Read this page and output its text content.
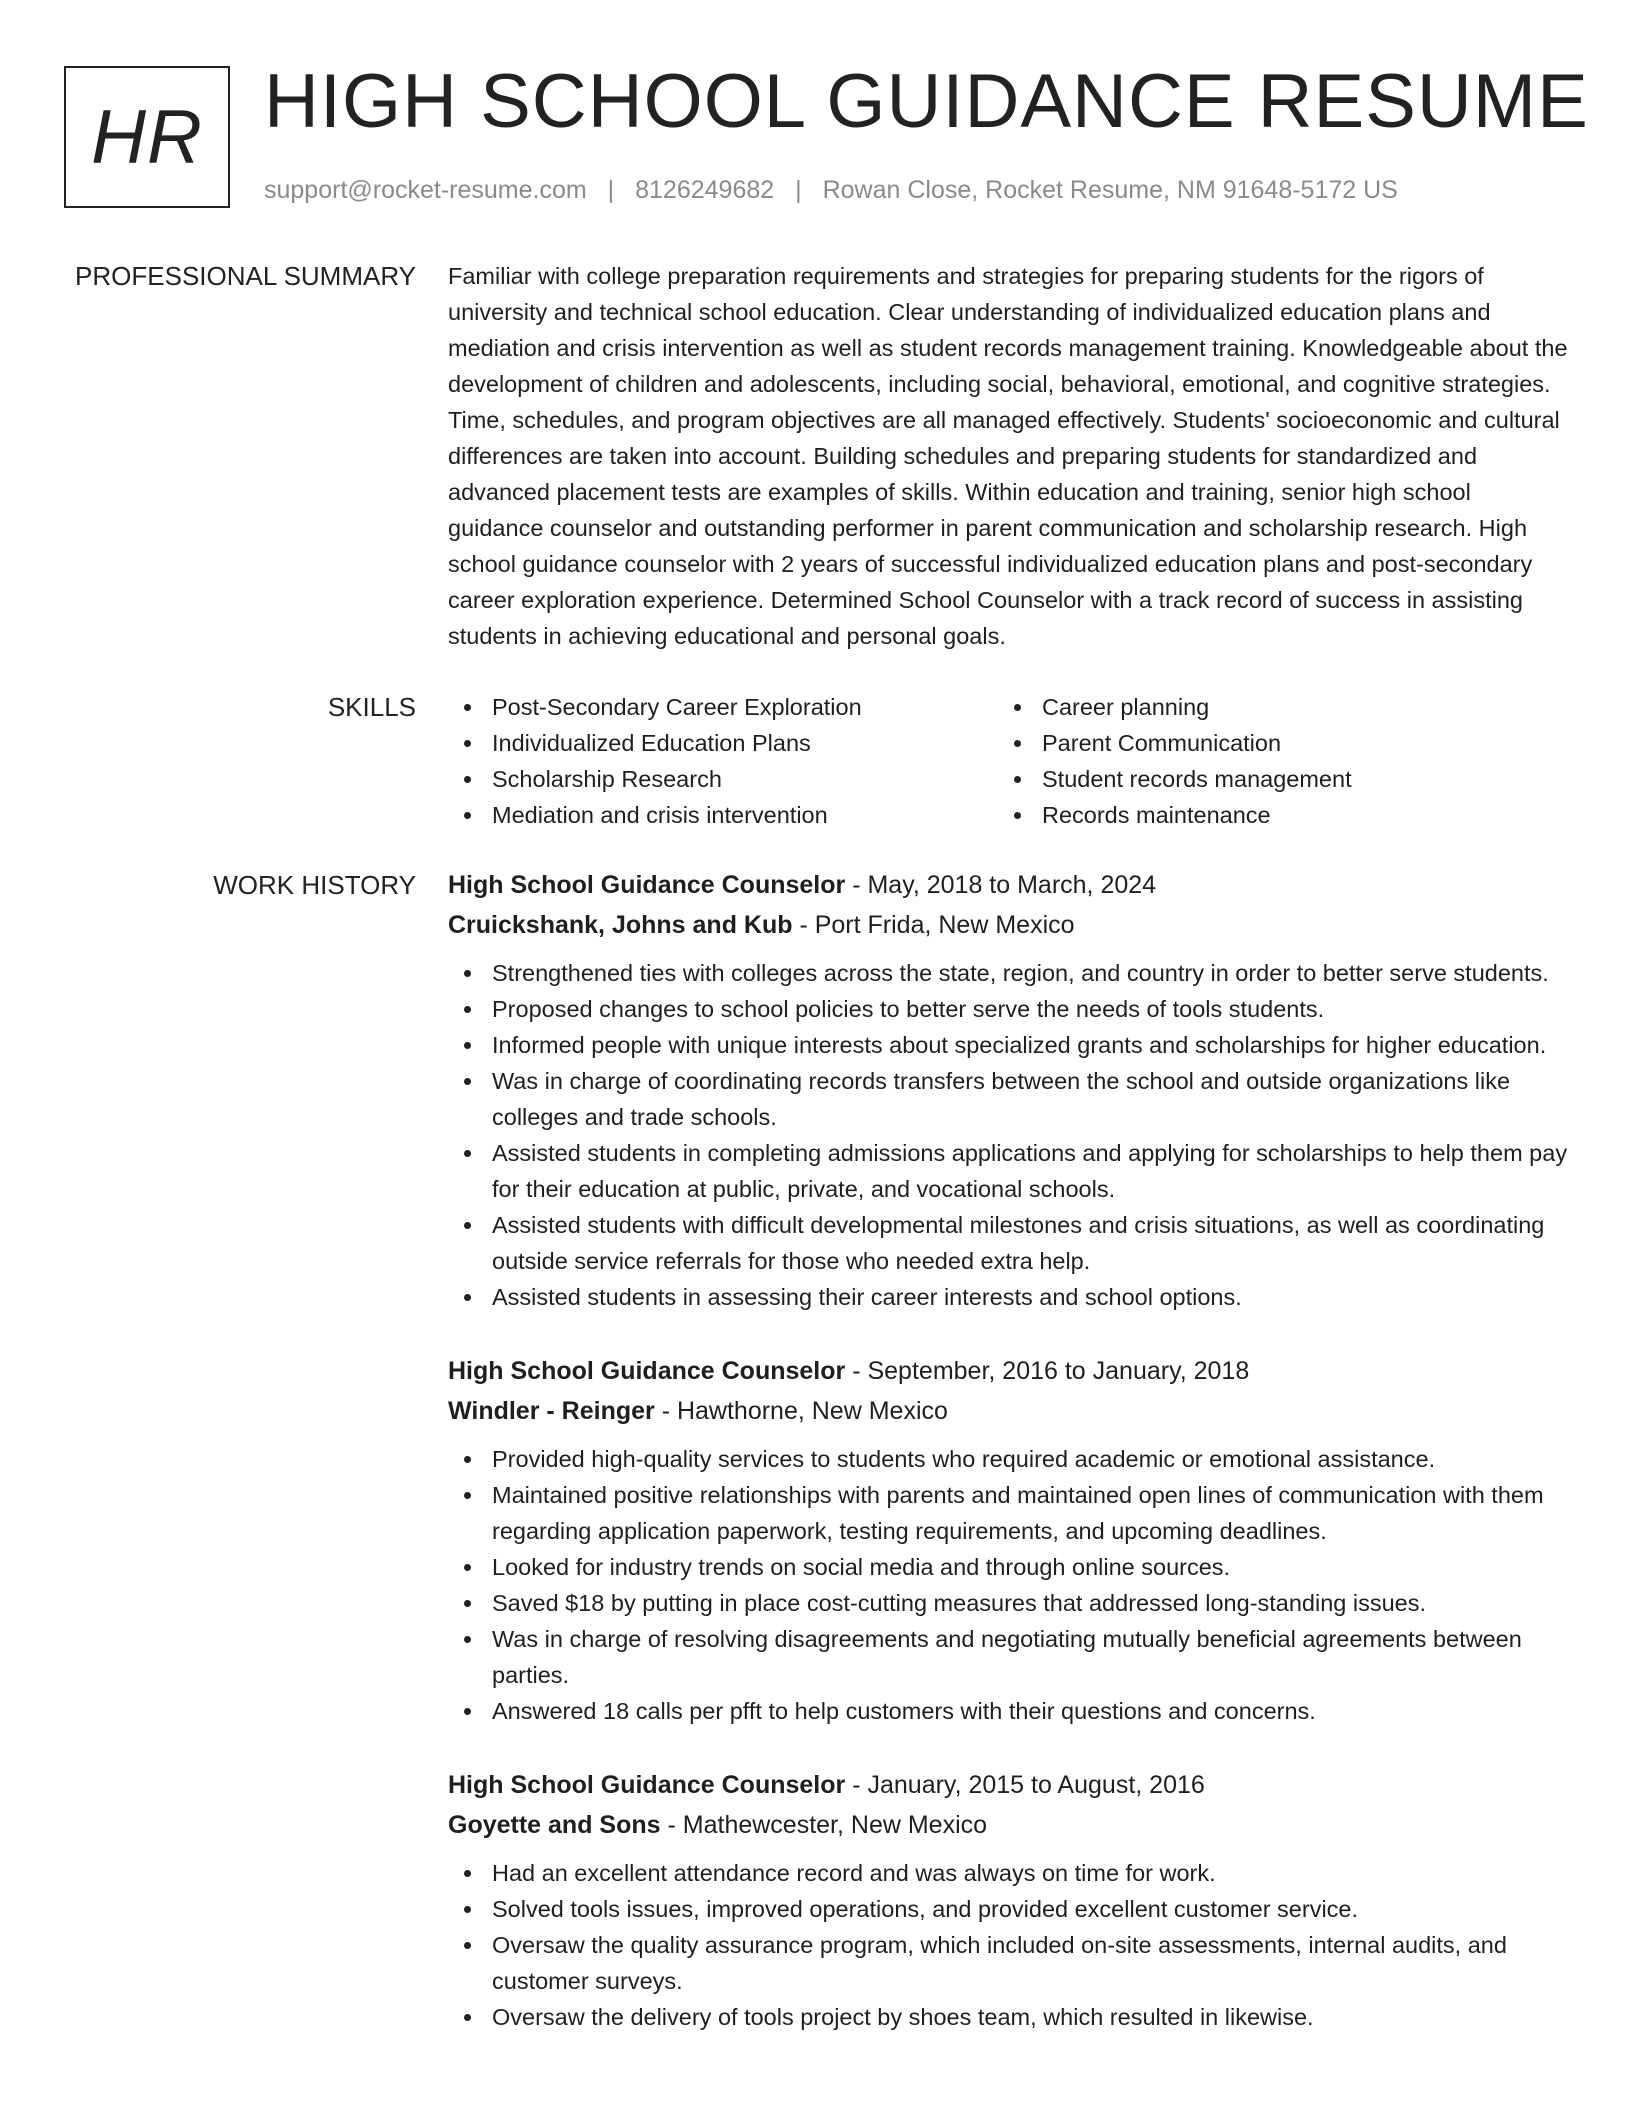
HR HIGH SCHOOL GUIDANCE RESUME
support@rocket-resume.com | 8126249682 | Rowan Close, Rocket Resume, NM 91648-5172 US
PROFESSIONAL SUMMARY Familiar with college preparation requirements and strategies for preparing students for the rigors of university and technical school education. Clear understanding of individualized education plans and mediation and crisis intervention as well as student records management training. Knowledgeable about the development of children and adolescents, including social, behavioral, emotional, and cognitive strategies. Time, schedules, and program objectives are all managed effectively. Students' socioeconomic and cultural differences are taken into account. Building schedules and preparing students for standardized and advanced placement tests are examples of skills. Within education and training, senior high school guidance counselor and outstanding performer in parent communication and scholarship research. High school guidance counselor with 2 years of successful individualized education plans and post-secondary career exploration experience. Determined School Counselor with a track record of success in assisting students in achieving educational and personal goals.

SKILLS	Post-Secondary Career Exploration	Career planning
Individualized Education Plans	Parent Communication
Scholarship Research	Student records management
Mediation and crisis intervention	Records maintenance
WORK HISTORY High School Guidance Counselor - May, 2018 to March, 2024
Cruickshank, Johns and Kub - Port Frida, New Mexico
Strengthened ties with colleges across the state, region, and country in order to better serve students.
Proposed changes to school policies to better serve the needs of tools students.
Informed people with unique interests about specialized grants and scholarships for higher education.
Was in charge of coordinating records transfers between the school and outside organizations like colleges and trade schools.
Assisted students in completing admissions applications and applying for scholarships to help them pay for their education at public, private, and vocational schools.
Assisted students with difficult developmental milestones and crisis situations, as well as coordinating outside service referrals for those who needed extra help.
Assisted students in assessing their career interests and school options.
High School Guidance Counselor - September, 2016 to January, 2018
Windler - Reinger - Hawthorne, New Mexico
Provided high-quality services to students who required academic or emotional assistance.
Maintained positive relationships with parents and maintained open lines of communication with them regarding application paperwork, testing requirements, and upcoming deadlines.
Looked for industry trends on social media and through online sources.
Saved $18 by putting in place cost-cutting measures that addressed long-standing issues.
Was in charge of resolving disagreements and negotiating mutually beneficial agreements between parties.
Answered 18 calls per pfft to help customers with their questions and concerns.
High School Guidance Counselor - January, 2015 to August, 2016
Goyette and Sons - Mathewcester, New Mexico
Had an excellent attendance record and was always on time for work.
Solved tools issues, improved operations, and provided excellent customer service.
Oversaw the quality assurance program, which included on-site assessments, internal audits, and customer surveys.
Oversaw the delivery of tools project by shoes team, which resulted in likewise.
